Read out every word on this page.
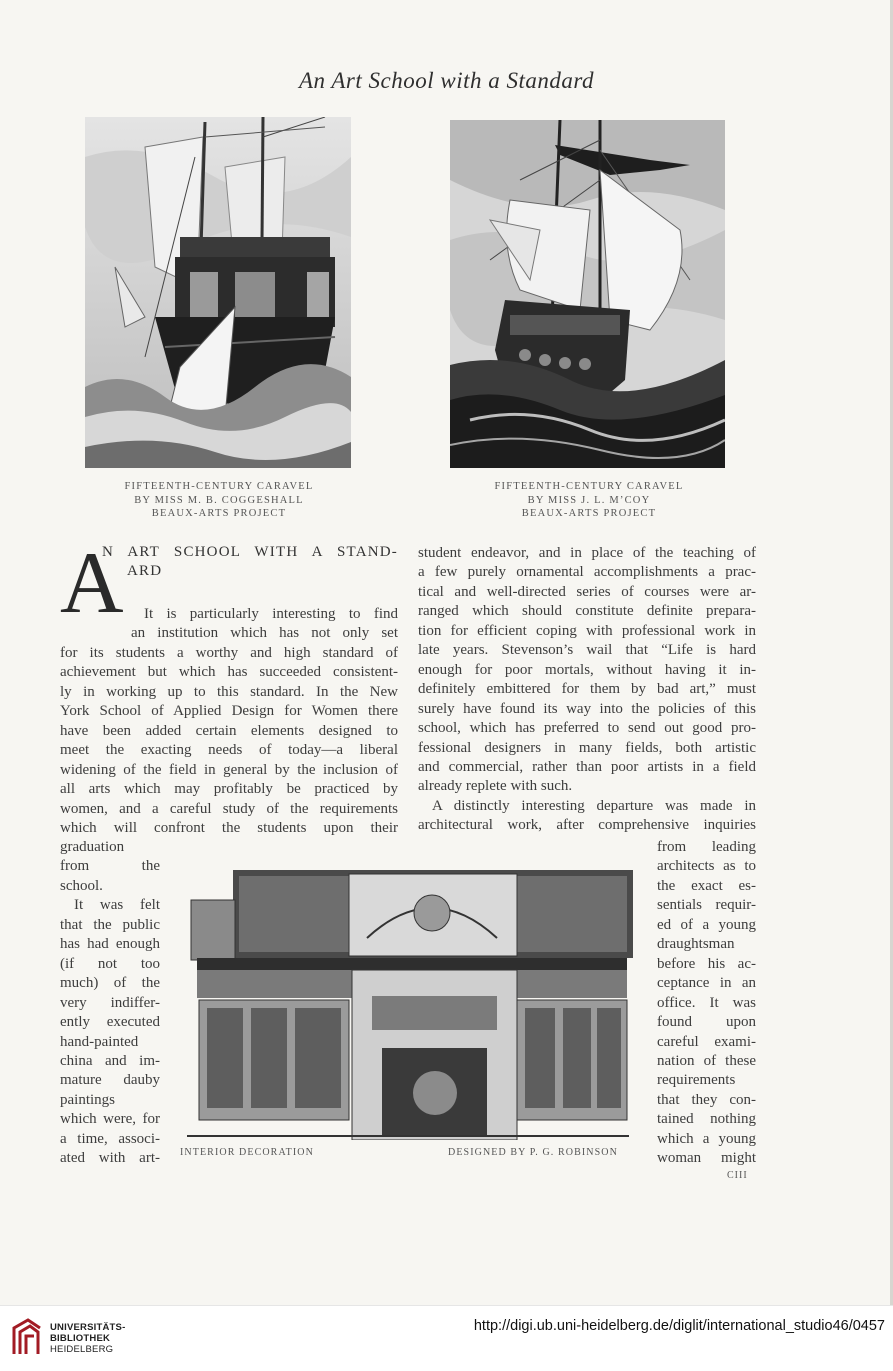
An Art School with a Standard
FIFTEENTH-CENTURY CARAVEL
BY MISS M. B. COGGESHALL
BEAUX-ARTS PROJECT
FIFTEENTH-CENTURY CARAVEL
BY MISS J. L. M’COY
BEAUX-ARTS PROJECT
A
N ART SCHOOL WITH A STAND-
ARD
It is particularly interesting to find
an institution which has not only set
for its students a worthy and high standard of
achievement but which has succeeded consistent-
ly in working up to this standard. In the New
York School of Applied Design for Women there
have been added certain elements designed to
meet the exacting needs of today—a liberal
widening of the field in general by the inclusion of
all arts which may profitably be practiced by
women, and a careful study of the requirements
which will confront the students upon their
graduation
from the
school.
It was felt
that the public
has had enough
(if not too
much) of the
very indiffer-
ently executed
hand-painted
china and im-
mature dauby
paintings
which were, for
a time, associ-
ated with art-
student endeavor, and in place of the teaching of
a few purely ornamental accomplishments a prac-
tical and well-directed series of courses were ar-
ranged which should constitute definite prepara-
tion for efficient coping with professional work in
late years. Stevenson’s wail that “Life is hard
enough for poor mortals, without having it in-
definitely embittered for them by bad art,” must
surely have found its way into the policies of this
school, which has preferred to send out good pro-
fessional designers in many fields, both artistic
and commercial, rather than poor artists in a field
already replete with such.
A distinctly interesting departure was made in
architectural work, after comprehensive inquiries
from leading
architects as to
the exact es-
sentials requir-
ed of a young
draughtsman
before his ac-
ceptance in an
office. It was
found upon
careful exami-
nation of these
requirements
that they con-
tained nothing
which a young
woman might
INTERIOR DECORATION	DESIGNED BY P. G. ROBINSON
CIII
UNIVERSITÄTS-
BIBLIOTHEK
HEIDELBERG
http://digi.ub.uni-heidelberg.de/diglit/international_studio46/0457
